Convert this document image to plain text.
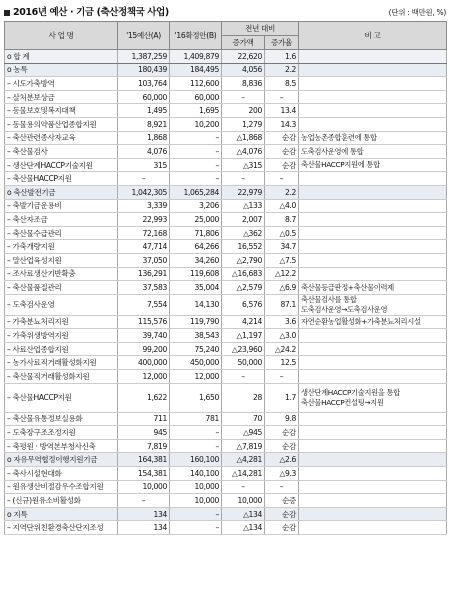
2016년 예산 · 기금 (축산정책국 사업)	(단위 : 백만원, %)
사 업 명	'15예산(A)	'16확정안(B)	전년 대비		비 고
			증가액	증가율	
o 합 계	1,387,259	1,409,879	22,620	1.6	
o 농특	180,439	184,495	4,056	2.2	
– 시도가축방역	103,764	112,600	8,836	8.5	
– 살처분보상금	60,000	60,000	–	–	
– 동물보호및복지대책	1,495	1,695	200	13.4	
– 동물용의약품산업종합지원	8,921	10,200	1,279	14.3	
– 축산관련종사자교육	1,868	–	△1,868	순감	농업농촌종합훈련에 통합
– 축산물검사	4,076	–	△4,076	순감	도축검사운영에 통합
– 생산단계HACCP기술지원	315	–	△315	순감	축산물HACCP지원에 통합
– 축산물HACCP지원	–	–	–	–	
o 축산발전기금	1,042,305	1,065,284	22,979	2.2	
– 축발기금운용비	3,339	3,206	△133	△4.0	
– 축산자조금	22,993	25,000	2,007	8.7	
– 축산물수급관리	72,168	71,806	△362	△0.5	
– 가축개량지원	47,714	64,266	16,552	34.7	
– 말산업육성지원	37,050	34,260	△2,790	△7.5	
– 조사료생산기반확충	136,291	119,608	△16,683	△12.2	
– 축산물품질관리	37,583	35,004	△2,579	△6.9	축산물등급판정+축산물이력제
– 도축검사운영	7,554	14,130	6,576	87.1	축산물검사를 통합
도축검사운영→도축검사운영
– 가축분뇨처리지원	115,576	119,790	4,214	3.6	자연순환농업활성화+가축분뇨처리시설
– 가축위생방역지원	39,740	38,543	△1,197	△3.0	
– 사료산업종합지원	99,200	75,240	△23,960	△24.2	
– 농가사료직거래활성화지원	400,000	450,000	50,000	12.5	
– 축산물직거래활성화지원	12,000	12,000	–	–	
– 축산물HACCP지원	1,622	1,650	28	1.7	생산단계HACCP기술지원을 통합
축산물HACCP컨설팅→지원
– 축산물유통정보실용화	711	781	70	9.8	
– 도축장구조조정지원	945	–	△945	순감	
– 축평원 · 방역본부청사신축	7,819	–	△7,819	순감	
o 자유무역협정이행지원기금	164,381	160,100	△4,281	△2.6	
– 축사시설현대화	154,381	140,100	△14,281	△9.3	
– 원유생산비절감우수조합지원	10,000	10,000	–	–	
– (신규)원유소비활성화	–	10,000	10,000	순증	
o 지특	134	–	△134	순감	
– 지역단위친환경축산단지조성	134	–	△134	순감	
